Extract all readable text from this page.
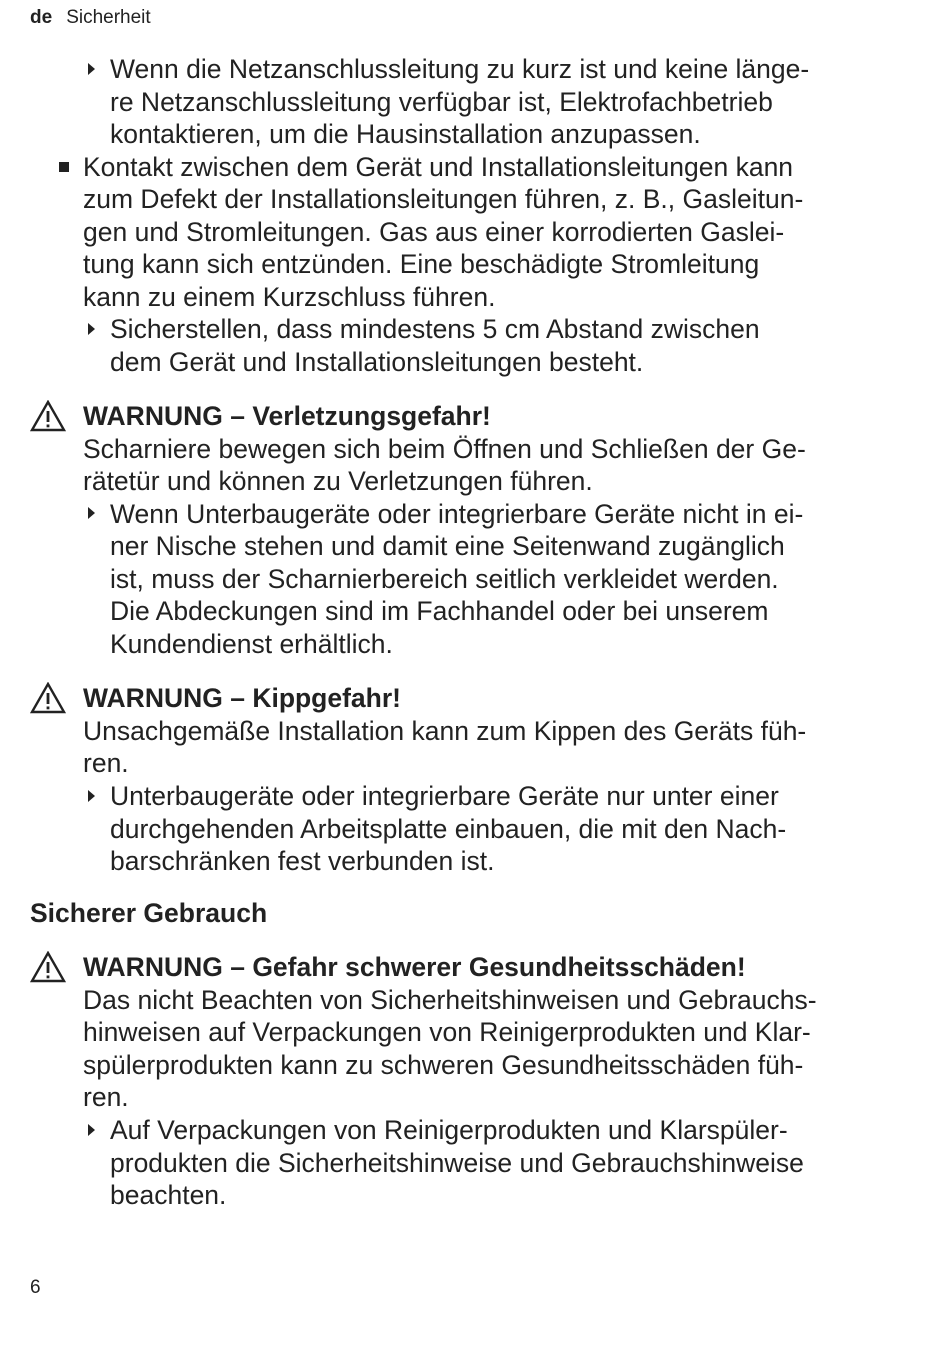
de Sicherheit
Wenn die Netzanschlussleitung zu kurz ist und keine länge-
re Netzanschlussleitung verfügbar ist, Elektrofachbetrieb
kontaktieren, um die Hausinstallation anzupassen.
Kontakt zwischen dem Gerät und Installationsleitungen kann
zum Defekt der Installationsleitungen führen, z. B., Gasleitun-
gen und Stromleitungen. Gas aus einer korrodierten Gaslei-
tung kann sich entzünden. Eine beschädigte Stromleitung
kann zu einem Kurzschluss führen.
Sicherstellen, dass mindestens 5 cm Abstand zwischen
dem Gerät und Installationsleitungen besteht.
WARNUNG – Verletzungsgefahr!
Scharniere bewegen sich beim Öffnen und Schließen der Ge-
rätetür und können zu Verletzungen führen.
Wenn Unterbaugeräte oder integrierbare Geräte nicht in ei-
ner Nische stehen und damit eine Seitenwand zugänglich
ist, muss der Scharnierbereich seitlich verkleidet werden.
Die Abdeckungen sind im Fachhandel oder bei unserem
Kundendienst erhältlich.
WARNUNG – Kippgefahr!
Unsachgemäße Installation kann zum Kippen des Geräts füh-
ren.
Unterbaugeräte oder integrierbare Geräte nur unter einer
durchgehenden Arbeitsplatte einbauen, die mit den Nach-
barschränken fest verbunden ist.
Sicherer Gebrauch
WARNUNG – Gefahr schwerer Gesundheitsschäden!
Das nicht Beachten von Sicherheitshinweisen und Gebrauchs-
hinweisen auf Verpackungen von Reinigerprodukten und Klar-
spülerprodukten kann zu schweren Gesundheitsschäden füh-
ren.
Auf Verpackungen von Reinigerprodukten und Klarspüler-
produkten die Sicherheitshinweise und Gebrauchshinweise
beachten.
6
